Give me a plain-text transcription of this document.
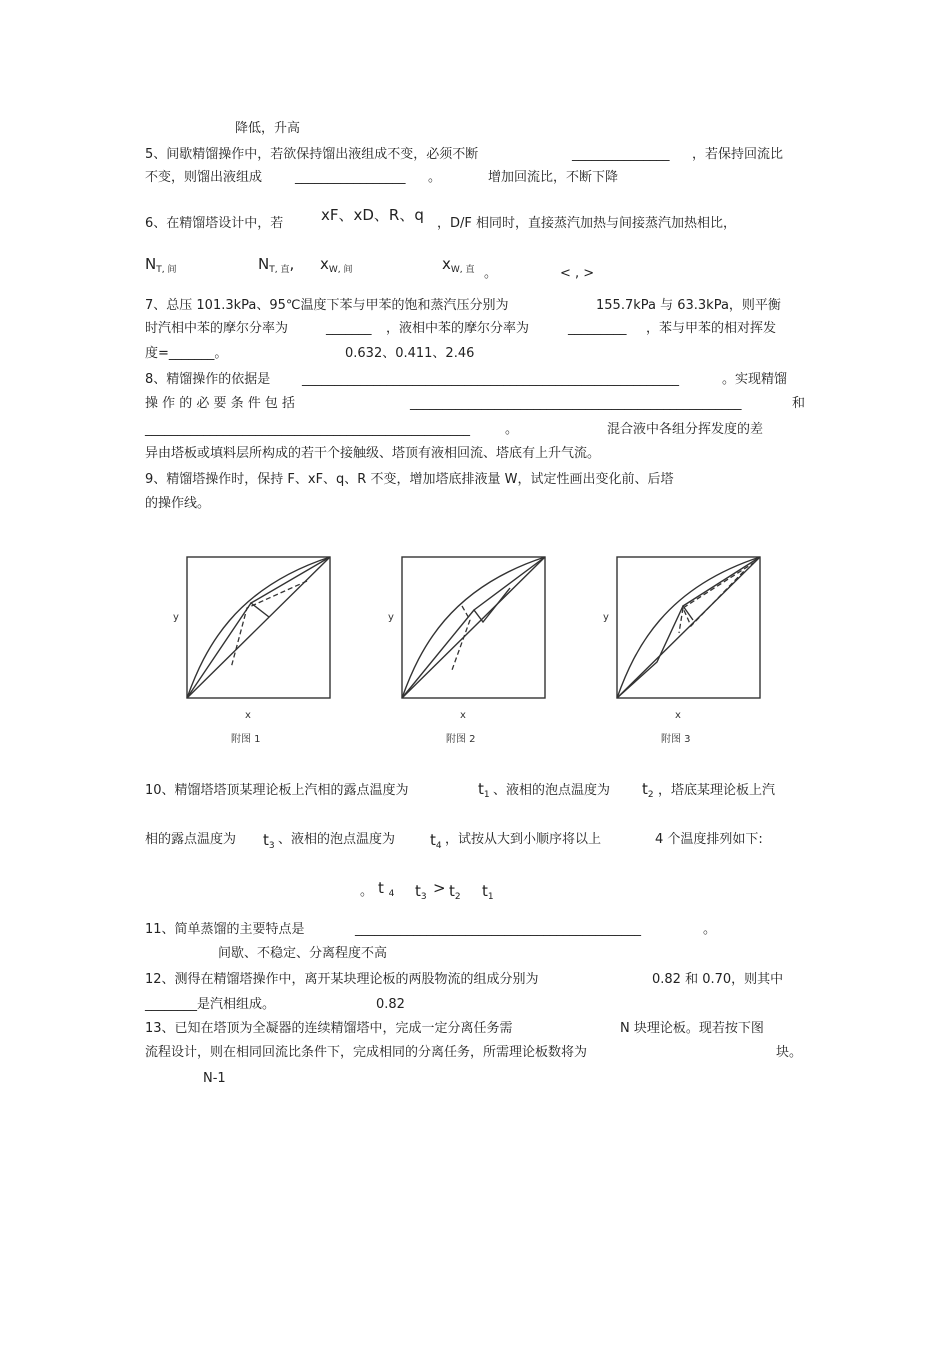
降低，升高
5、间歇精馏操作中，若欲保持馏出液组成不变，必须不断	_______________ ，若保持回流比
不变，则馏出液组成	_________________ 。	增加回流比，不断下降
6、在精馏塔设计中，若	xF、xD、R、q ，D/F 相同时，直接蒸汽加热与间接蒸汽加热相比，
$N_{T, 间}$	$N_{T, 直}$, $x_{W, 间}$	$x_{W, 直}$ 。	< , >
7、总压 101.3kPa、95℃温度下苯与甲苯的饱和蒸汽压分别为	155.7kPa 与 63.3kPa，则平衡
时汽相中苯的摩尔分率为	_______ ，液相中苯的摩尔分率为	_________ ，苯与甲苯的相对挥发
度=_______。	0.632、0.411、2.46
8、精馏操作的依据是 __________________________________________________________	。实现精馏
操 作 的 必 要 条 件 包 括	___________________________________________________	和
__________________________________________________	。	混合液中各组分挥发度的差
异由塔板或填料层所构成的若干个接触级、塔顶有液相回流、塔底有上升气流。
9、精馏塔操作时，保持 F、xF、q、R 不变，增加塔底排液量 W，试定性画出变化前、后塔
的操作线。
y
x
附图 1
y
x
附图 2
y
x
附图 3
10、精馏塔塔顶某理论板上汽相的露点温度为	$t_1$ 、液相的泡点温度为 $t_2$ ，塔底某理论板上汽
相的露点温度为 $t_3$ 、液相的泡点温度为 $t_4$ ，试按从大到小顺序将以上	4 个温度排列如下:
。 t $_4$ $t_3 > t_2$ $t_1$
11、简单蒸馏的主要特点是	____________________________________________	。
间歇、不稳定、分离程度不高
12、测得在精馏塔操作中，离开某块理论板的两股物流的组成分别为	0.82 和 0.70，则其中
________是汽相组成。	0.82
13、已知在塔顶为全凝器的连续精馏塔中，完成一定分离任务需	N 块理论板。现若按下图
流程设计，则在相同回流比条件下，完成相同的分离任务，所需理论板数将为	块。
N-1
